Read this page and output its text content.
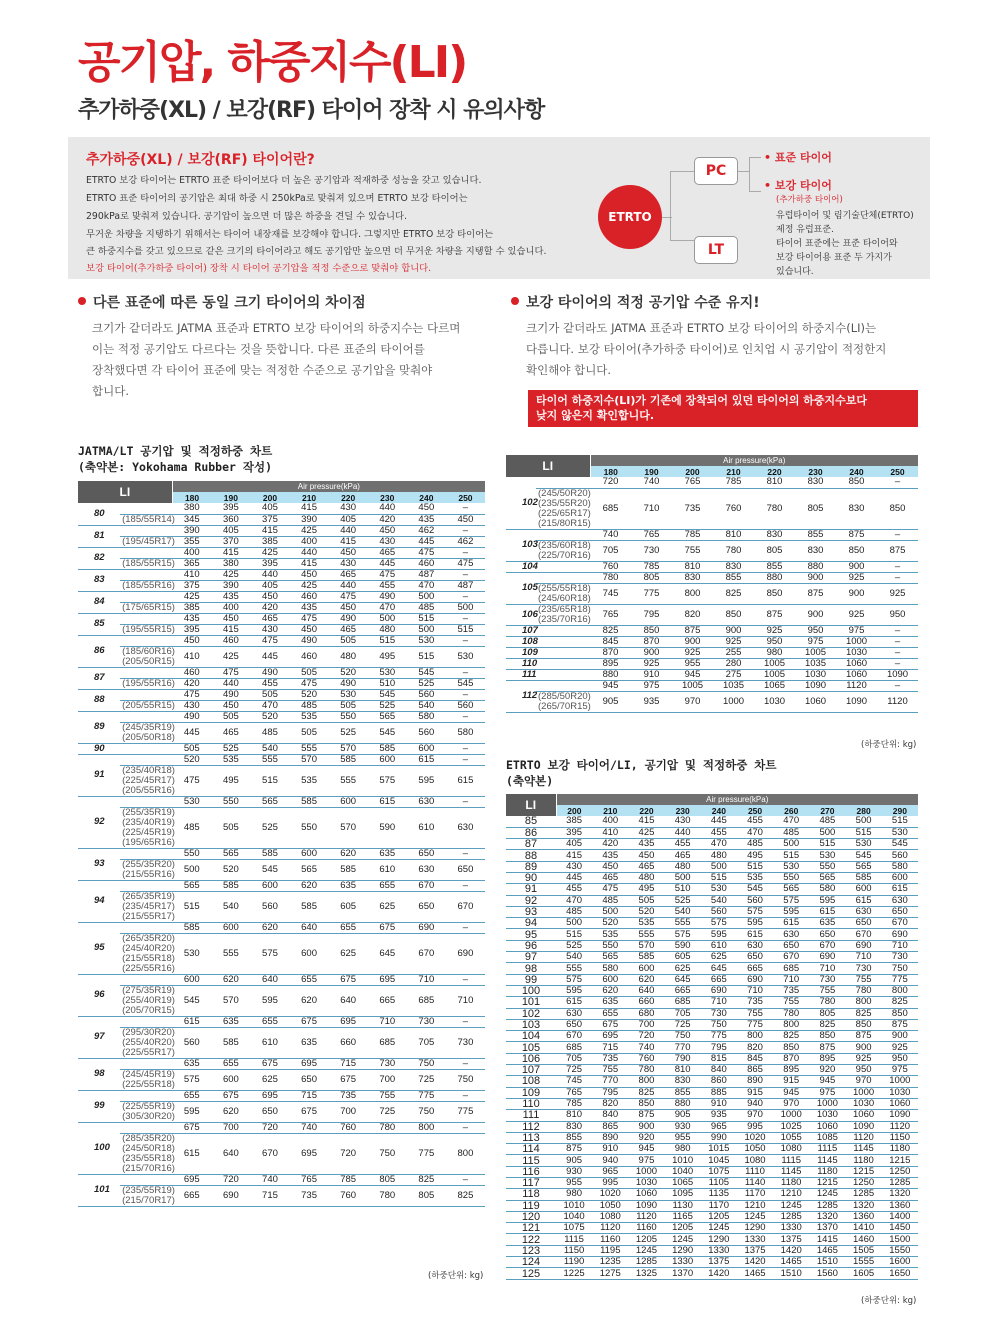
공기압, 하중지수(LI)
추가하중(XL) / 보강(RF) 타이어 장착 시 유의사항
추가하중(XL) / 보강(RF) 타이어란?
ETRTO 보강 타이어는 ETRTO 표준 타이어보다 더 높은 공기압과 적재하중 성능을 갖고 있습니다.
ETRTO 표준 타이어의 공기압은 최대 하중 시 250kPa로 맞춰져 있으며 ETRTO 보강 타이어는
290kPa로 맞춰져 있습니다. 공기압이 높으면 더 많은 하중을 견딜 수 있습니다.
무거운 차량을 지탱하기 위해서는 타이어 내장재를 보강해야 합니다. 그렇지만 ETRTO 보강 타이어는
큰 하중지수를 갖고 있으므로 같은 크기의 타이어라고 해도 공기압만 높으면 더 무거운 차량을 지탱할 수 있습니다.
보강 타이어(추가하중 타이어) 장착 시 타이어 공기압을 적정 수준으로 맞춰야 합니다.
ETRTO
PC
LT
• 표준 타이어
• 보강 타이어
(추가하중 타이어)
유럽타이어 및 림기술단체(ETRTO)
제정 유럽표준.
타이어 표준에는 표준 타이어와
보강 타이어용 표준 두 가지가
있습니다.
다른 표준에 따른 동일 크기 타이어의 차이점
크기가 같더라도 JATMA 표준과 ETRTO 보강 타이어의 하중지수는 다르며
이는 적정 공기압도 다르다는 것을 뜻합니다. 다른 표준의 타이어를
장착했다면 각 타이어 표준에 맞는 적정한 수준으로 공기압을 맞춰야
합니다.
보강 타이어의 적정 공기압 수준 유지!
크기가 같더라도 JATMA 표준과 ETRTO 보강 타이어의 하중지수(LI)는
다릅니다. 보강 타이어(추가하중 타이어)로 인치업 시 공기압이 적정한지
확인해야 합니다.
타이어 하중지수(LI)가 기존에 장착되어 있던 타이어의 하중지수보다
낮지 않은지 확인합니다.
JATMA/LT 공기압 및 적정하중 차트
(축약본: Yokohama Rubber 작성)
LI		Air pressure(kPa)							
		180	190	200	210	220	230	240	250
80		380	395	405	415	430	440	450	–
	(185/55R14)	345	360	375	390	405	420	435	450
81		390	405	415	425	440	450	462	–
	(195/45R17)	355	370	385	400	415	430	445	462
82		400	415	425	440	450	465	475	–
	(185/55R15)	365	380	395	415	430	445	460	475
83		410	425	440	450	465	475	487	–
	(185/55R16)	375	390	405	425	440	455	470	487
84		425	435	450	460	475	490	500	–
	(175/65R15)	385	400	420	435	450	470	485	500
85		435	450	465	475	490	500	515	–
	(195/55R15)	395	415	430	450	465	480	500	515
86		450	460	475	490	505	515	530	–
	(185/60R16)
(205/50R15)	410	425	445	460	480	495	515	530
87		460	475	490	505	520	530	545	–
	(195/55R16)	420	440	455	475	490	510	525	545
88		475	490	505	520	530	545	560	–
	(205/55R15)	430	450	470	485	505	525	540	560
89		490	505	520	535	550	565	580	–
	(245/35R19)
(205/50R18)	445	465	485	505	525	545	560	580
90		505	525	540	555	570	585	600	–
91		520	535	555	570	585	600	615	–
	(235/40R18)
(225/45R17)
(205/55R16)	475	495	515	535	555	575	595	615
92		530	550	565	585	600	615	630	–
	(255/35R19)
(235/40R19)
(225/45R19)
(195/65R16)	485	505	525	550	570	590	610	630
93		550	565	585	600	620	635	650	–
	(255/35R20)
(215/55R16)	500	520	545	565	585	610	630	650
94		565	585	600	620	635	655	670	–
	(265/35R19)
(235/45R17)
(215/55R17)	515	540	560	585	605	625	650	670
95		585	600	620	640	655	675	690	–
	(265/35R20)
(245/40R20)
(215/55R18)
(225/55R16)	530	555	575	600	625	645	670	690
96		600	620	640	655	675	695	710	–
	(275/35R19)
(255/40R19)
(205/70R15)	545	570	595	620	640	665	685	710
97		615	635	655	675	695	710	730	–
	(295/30R20)
(255/40R20)
(225/55R17)	560	585	610	635	660	685	705	730
98		635	655	675	695	715	730	750	–
	(245/45R19)
(225/55R18)	575	600	625	650	675	700	725	750
99		655	675	695	715	735	755	775	–
	(225/55R19)
(305/30R20)	595	620	650	675	700	725	750	775
100		675	700	720	740	760	780	800	–
	(285/35R20)
(245/50R18)
(235/55R18)
(215/70R16)	615	640	670	695	720	750	775	800
101		695	720	740	765	785	805	825	–
	(235/55R19)
(215/70R17)	665	690	715	735	760	780	805	825
(하중단위: kg)
LI		Air pressure(kPa)							
		180	190	200	210	220	230	240	250
102		720	740	765	785	810	830	850	–
	(245/50R20)
(235/55R20)
(225/65R17)
(215/80R15)	685	710	735	760	780	805	830	850
103		740	765	785	810	830	855	875	–
	(235/60R18)
(225/70R16)	705	730	755	780	805	830	850	875
104		760	785	810	830	855	880	900	–
105		780	805	830	855	880	900	925	–
	(255/55R18)
(245/60R18)	745	775	800	825	850	875	900	925
106	(235/65R18)
(235/70R16)	765	795	820	850	875	900	925	950
107		825	850	875	900	925	950	975	–
108		845	870	900	925	950	975	1000	–
109		870	900	925	255	980	1005	1030	–
110		895	925	955	280	1005	1035	1060	–
111		880	910	945	275	1005	1030	1060	1090
112		945	975	1005	1035	1065	1090	1120	–
	(285/50R20)
(265/70R15)	905	935	970	1000	1030	1060	1090	1120
(하중단위: kg)
ETRTO 보강 타이어/LI, 공기압 및 적정하중 차트
(축약본)
LI	Air pressure(kPa)									
	200	210	220	230	240	250	260	270	280	290
85	385	400	415	430	445	455	470	485	500	515
86	395	410	425	440	455	470	485	500	515	530
87	405	420	435	455	470	485	500	515	530	545
88	415	435	450	465	480	495	515	530	545	560
89	430	450	465	480	500	515	530	550	565	580
90	445	465	480	500	515	535	550	565	585	600
91	455	475	495	510	530	545	565	580	600	615
92	470	485	505	525	540	560	575	595	615	630
93	485	500	520	540	560	575	595	615	630	650
94	500	520	535	555	575	595	615	635	650	670
95	515	535	555	575	595	615	630	650	670	690
96	525	550	570	590	610	630	650	670	690	710
97	540	565	585	605	625	650	670	690	710	730
98	555	580	600	625	645	665	685	710	730	750
99	575	600	620	645	665	690	710	730	755	775
100	595	620	640	665	690	710	735	755	780	800
101	615	635	660	685	710	735	755	780	800	825
102	630	655	680	705	730	755	780	805	825	850
103	650	675	700	725	750	775	800	825	850	875
104	670	695	720	750	775	800	825	850	875	900
105	685	715	740	770	795	820	850	875	900	925
106	705	735	760	790	815	845	870	895	925	950
107	725	755	780	810	840	865	895	920	950	975
108	745	770	800	830	860	890	915	945	970	1000
109	765	795	825	855	885	915	945	975	1000	1030
110	785	820	850	880	910	940	970	1000	1030	1060
111	810	840	875	905	935	970	1000	1030	1060	1090
112	830	865	900	930	965	995	1025	1060	1090	1120
113	855	890	920	955	990	1020	1055	1085	1120	1150
114	875	910	945	980	1015	1050	1080	1115	1145	1180
115	905	940	975	1010	1045	1080	1115	1145	1180	1215
116	930	965	1000	1040	1075	1110	1145	1180	1215	1250
117	955	995	1030	1065	1105	1140	1180	1215	1250	1285
118	980	1020	1060	1095	1135	1170	1210	1245	1285	1320
119	1010	1050	1090	1130	1170	1210	1245	1285	1320	1360
120	1040	1080	1120	1165	1205	1245	1285	1320	1360	1400
121	1075	1120	1160	1205	1245	1290	1330	1370	1410	1450
122	1115	1160	1205	1245	1290	1330	1375	1415	1460	1500
123	1150	1195	1245	1290	1330	1375	1420	1465	1505	1550
124	1190	1235	1285	1330	1375	1420	1465	1510	1555	1600
125	1225	1275	1325	1370	1420	1465	1510	1560	1605	1650
(하중단위: kg)
